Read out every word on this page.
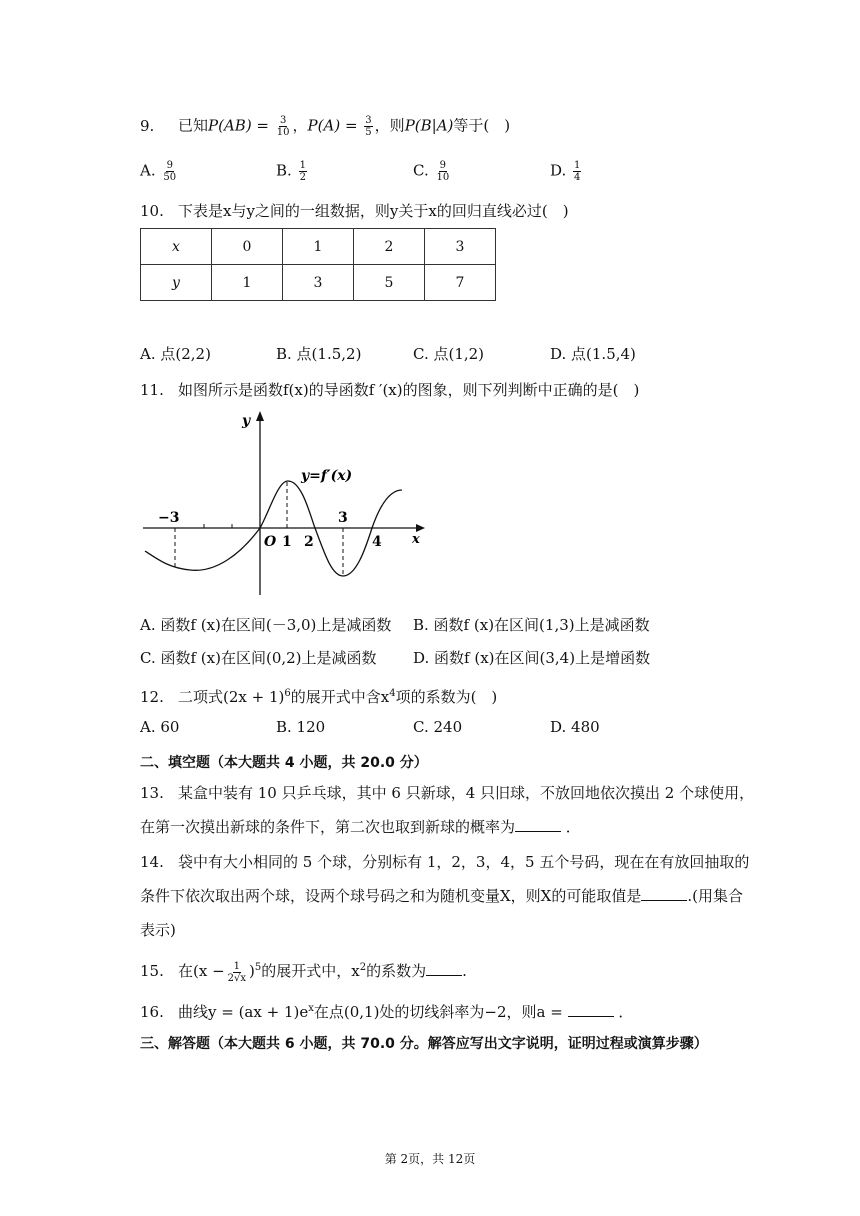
9. 已知$P(AB) = \frac{3}{10}$ ，$P(A) = \frac{3}{5}$ ，则P(B|A)等于(　)
A. $\frac{9}{50}$	B. $\frac{1}{2}$	C. $\frac{9}{10}$	D. $\frac{1}{4}$
10. 下表是x与y之间的一组数据，则y关于x的回归直线必过(　)
x	0	1	2	3
y	1	3	5	7
A. 点(2,2)	B. 点(1.5,2)	C. 点(1,2)	D. 点(1.5,4)
11. 如图所示是函数f(x)的导函数f ′(x)的图象，则下列判断中正确的是(　)
y
x
y=f′(x)
O
−3
1 2
3
4
A. 函数f (x)在区间(－3,0)上是减函数 B. 函数f (x)在区间(1,3)上是减函数
C. 函数f (x)在区间(0,2)上是减函数 D. 函数f (x)在区间(3,4)上是增函数
12. 二项式$(2x + 1)^6$的展开式中含$x^4$项的系数为(　)
A. 60	B. 120	C. 240	D. 480
二、填空题（本大题共 4 小题，共 20.0 分）
13. 某盒中装有 10 只乒乓球，其中 6 只新球，4 只旧球，不放回地依次摸出 2 个球使用，
在第一次摸出新球的条件下，第二次也取到新球的概率为	．
14. 袋中有大小相同的 5 个球，分别标有 1，2，3，4，5 五个号码，现在在有放回抽取的
条件下依次取出两个球，设两个球号码之和为随机变量X，则X的可能取值是	.(用集合
表示)
15. 在$(x - \frac{1}{2√x} )^5$的展开式中，$x^2$的系数为 .
16. 曲线$y = (ax + 1)e^x$在点(0,1)处的切线斜率为−2，则a =	．
三、解答题（本大题共 6 小题，共 70.0 分。解答应写出文字说明，证明过程或演算步骤）
第 2页，共 12页
